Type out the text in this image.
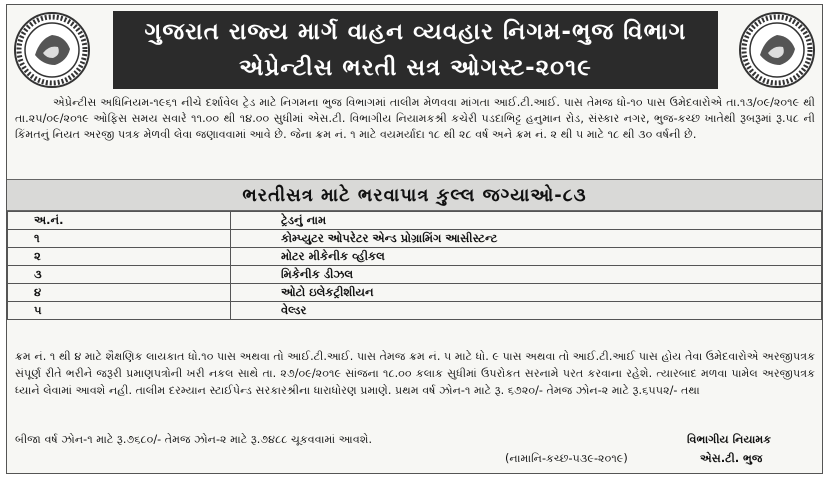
ગુજરાત રાજ્ય માર્ગ વાહન વ્યવહાર નિગમ-ભુજ વિભાગ
એપ્રેન્ટીસ ભરતી સત્ર ઓગસ્ટ-૨૦૧૯
એપ્રેન્ટીસ અધિનિયમ-૧૯૬૧ નીચે દર્શાવેલ ટ્રેડ માટે નિગમના ભુજ વિભાગમાં તાલીમ મેળવવા માંગતા આઈ.ટી.આઈ. પાસ તેમજ ધો-૧૦ પાસ ઉમેદવારોએ તા.૧૩/૦૯/૨૦૧૯ થી તા.૨૫/૦૯/૨૦૧૯ ઓફિસ સમય સવારે ૧૧.૦૦ થી ૧૪.૦૦ સુધીમાં એસ.ટી. વિભાગીય નિયામકશ્રી કચેરી પડદાભિટ્ટ હનુમાન રોડ, સંસ્કાર નગર, ભુજ-કચ્છ ખાતેથી રૂબરૂમાં રૂ.પ૮ ની કિંમતનું નિયત અરજી પત્રક મેળવી લેવા જણાવવામાં આવે છે. જેના ક્રમ નં. ૧ માટે વયમર્યાદા ૧૮ થી ૨૮ વર્ષ અને ક્રમ નં. ૨ થી ૫ માટે ૧૮ થી ૩૦ વર્ષની છે.
ભરતીસત્ર માટે ભરવાપાત્ર કુલ્લ જગ્યાઓ-૮૩
અ.નં.	ટ્રેડનું નામ
૧	કોમ્પ્યુટર ઓપરેટર એન્ડ પ્રોગ્રામિંગ આસીસ્ટન્ટ
૨	મોટર મીકેનીક વ્હીકલ
૩	મિકેનીક ડીઝલ
૪	ઓટો ઇલેકટ્રીશીયન
૫	વેલ્ડર
ક્રમ નં. ૧ થી ૪ માટે શૈક્ષણિક લાયકાત ધો.૧૦ પાસ અથવા તો આઈ.ટી.આઈ. પાસ તેમજ ક્રમ નં. ૫ માટે ધો. ૯ પાસ અથવા તો આઈ.ટી.આઈ પાસ હોય તેવા ઉમેદવારોએ અરજીપત્રક સંપૂર્ણ રીતે ભરીને જરૂરી પ્રમાણપત્રોની ખરી નકલ સાથે તા. ૨૭/૦૯/૨૦૧૯ સાંજના ૧૮.૦૦ કલાક સુધીમાં ઉપરોકત સરનામે પરત કરવાના રહેશે. ત્યારબાદ મળવા પામેલ અરજીપત્રક ધ્યાને લેવામાં આવશે નહી. તાલીમ દરમ્યાન સ્ટાઈપેન્ડ સરકારશ્રીના ધારાધોરણ પ્રમાણે. પ્રથમ વર્ષ ઝોન-૧ માટે રૂ. ૬૭૨૦/- તેમજ ઝોન-૨ માટે રૂ.૬૫૫૨/- તથા
બીજા વર્ષ ઝોન-૧ માટે રૂ.૭૬૮૦/- તેમજ ઝોન-૨ માટે રૂ.૭૪૮૮ ચૂકવવામાં આવશે.	વિભાગીય નિયામક
(નામાનિ-કચ્છ-૫૩૯-૨૦૧૯)	એસ.ટી. ભુજ
